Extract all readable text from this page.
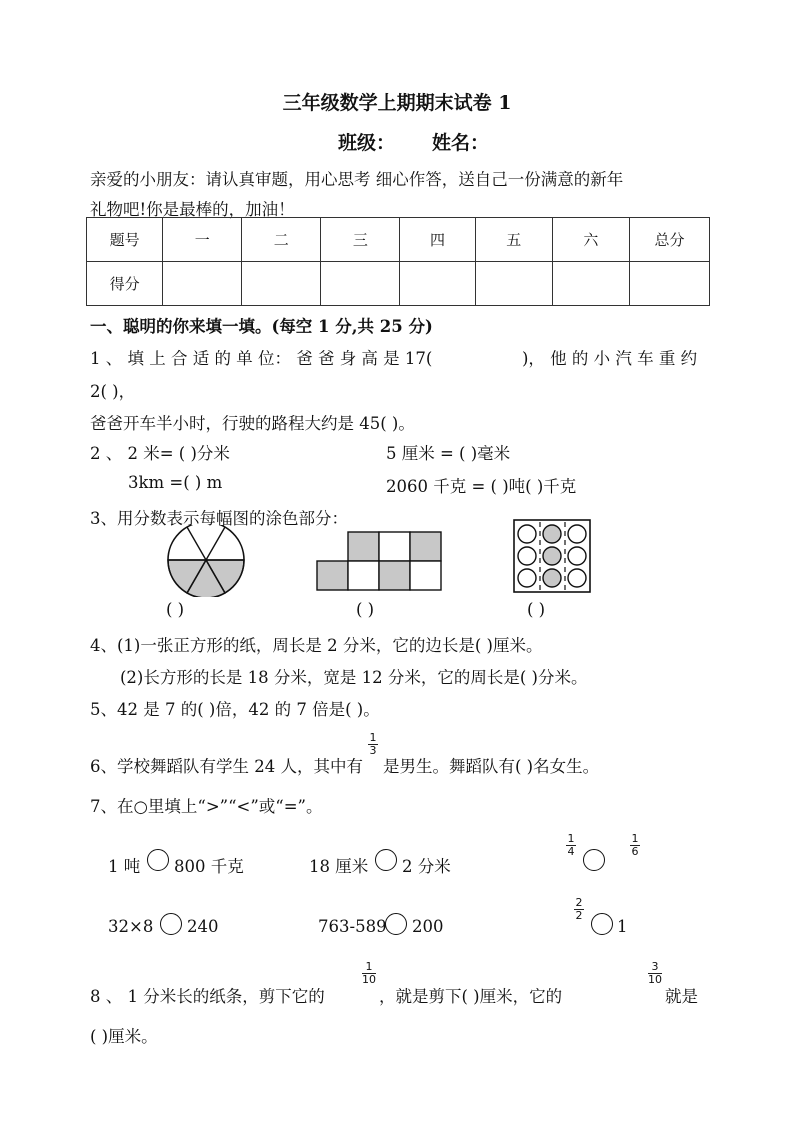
三年级数学上期期末试卷 1
班级： 姓名：
亲爱的小朋友：请认真审题，用心思考 细心作答，送自己一份满意的新年
礼物吧!你是最棒的，加油！
题号	一	二	三	四	五	六	总分
得分							
一、聪明的你来填一填。(每空 1 分,共 25 分)
1 、 填 上 合 适 的 单 位： 爸 爸 身 高 是 17(	)， 他 的 小 汽 车 重 约
2( )，
爸爸开车半小时，行驶的路程大约是 45( )。
2 、 2 米= ( )分米	5 厘米 = ( )毫米
3km =( ) m	2060 千克 = ( )吨( )千克
3、用分数表示每幅图的涂色部分：
( )	( )	( )
4、(1)一张正方形的纸，周长是 2 分米，它的边长是( )厘米。
(2)长方形的长是 18 分米，宽是 12 分米，它的周长是( )分米。
5、42 是 7 的( )倍，42 的 7 倍是( )。
6、学校舞蹈队有学生 24 人，其中有
1
3
是男生。舞蹈队有( )名女生。
7、在○里填上“>”“<”或“=”。
1 吨 800 千克	18 厘米 2 分米
1
4
1
6
32×8 240	763-589 200
2
2
1
8 、 1 分米长的纸条，剪下它的
1
10
，就是剪下( )厘米，它的
3
10
就是
( )厘米。
